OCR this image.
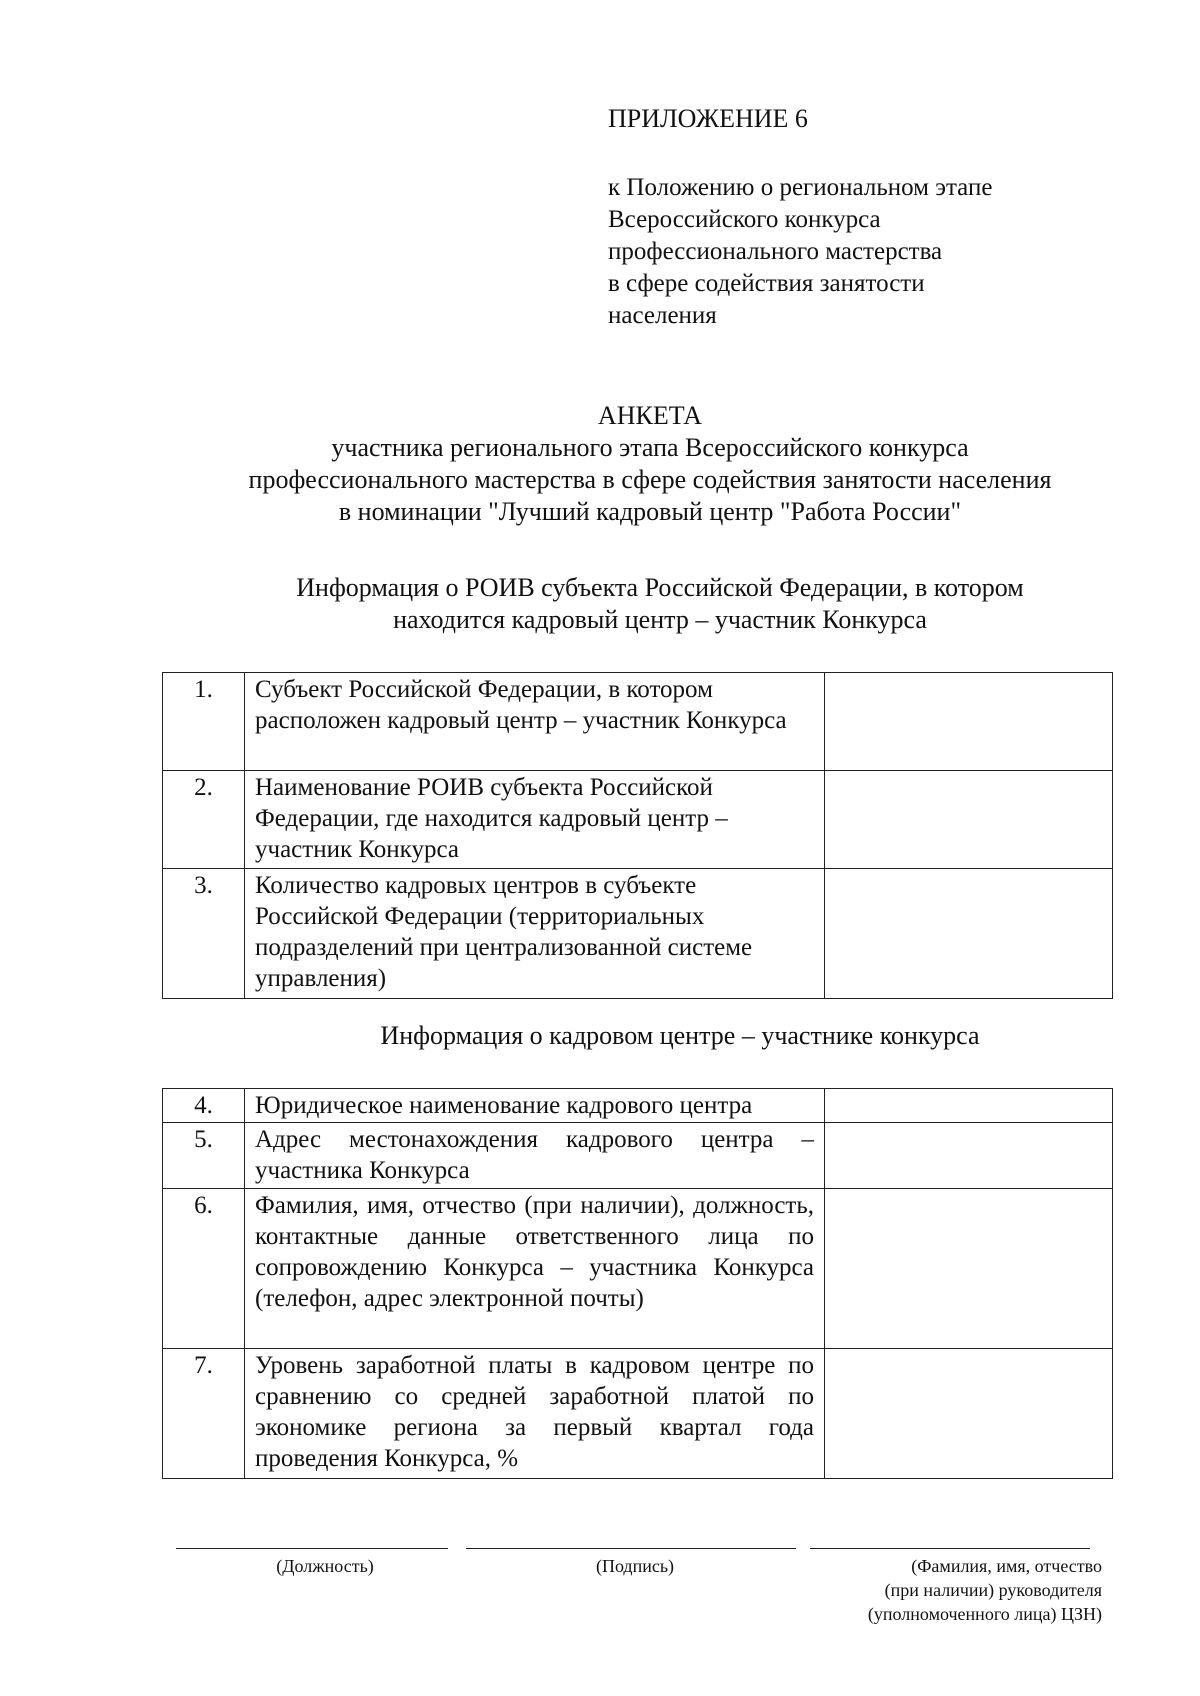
ПРИЛОЖЕНИЕ 6
к Положению о региональном этапе
Всероссийского конкурса
профессионального мастерства
в сфере содействия занятости
населения
АНКЕТА
участника регионального этапа Всероссийского конкурса
профессионального мастерства в сфере содействия занятости населения
в номинации "Лучший кадровый центр "Работа России"
Информация о РОИВ субъекта Российской Федерации, в котором
находится кадровый центр – участник Конкурса
1.	Субъект Российской Федерации, в котором расположен кадровый центр – участник Конкурса	
2.	Наименование РОИВ субъекта Российской Федерации, где находится кадровый центр – участник Конкурса	
3.	Количество кадровых центров в субъекте Российской Федерации (территориальных подразделений при централизованной системе управления)	
Информация о кадровом центре – участнике конкурса
4.	Юридическое наименование кадрового центра	
5.	Адрес местонахождения кадрового центра – участника Конкурса	
6.	Фамилия, имя, отчество (при наличии), должность, контактные данные ответственного лица по сопровождению Конкурса – участника Конкурса (телефон, адрес электронной почты)	
7.	Уровень заработной платы в кадровом центре по сравнению со средней заработной платой по экономике региона за первый квартал года проведения Конкурса, %	
(Должность)	(Подпись)	(Фамилия, имя, отчество
(при наличии) руководителя
(уполномоченного лица) ЦЗН)
